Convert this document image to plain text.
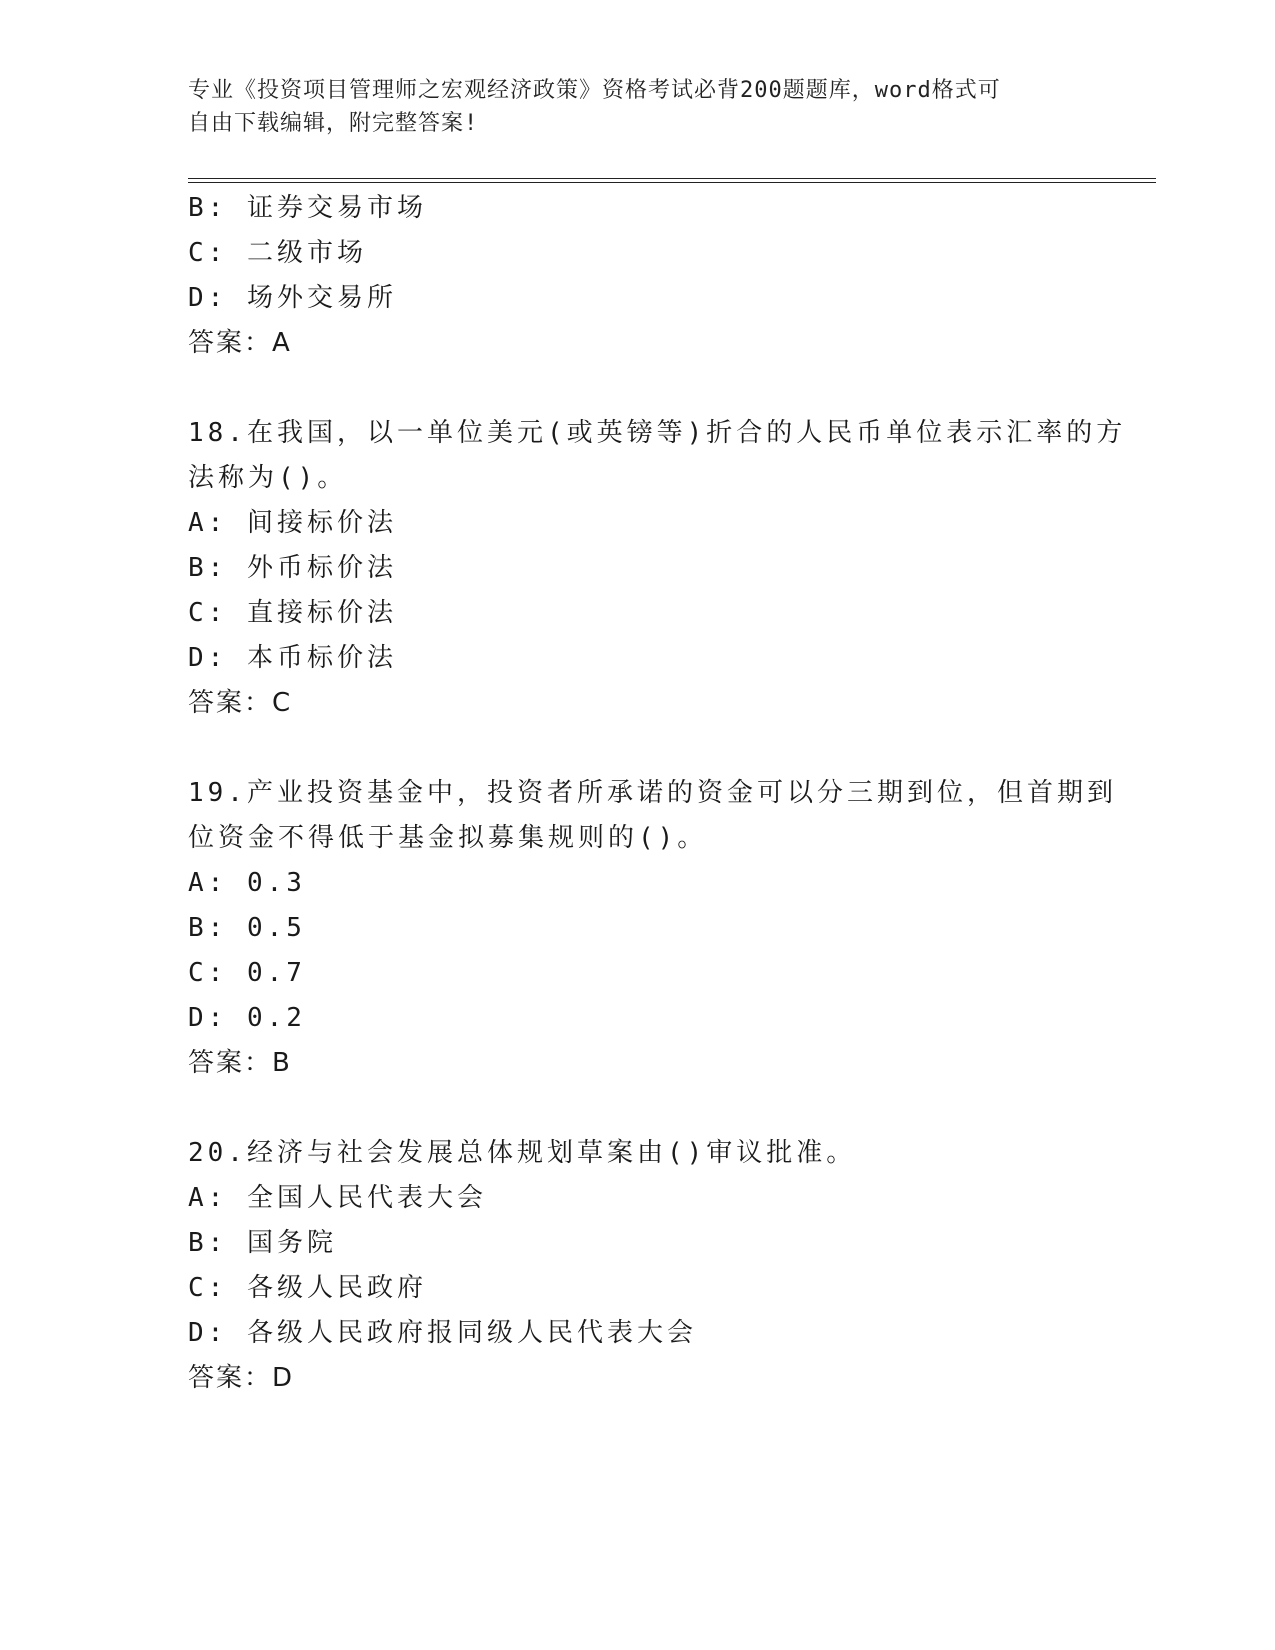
专业《投资项目管理师之宏观经济政策》资格考试必背200题题库，word格式可
自由下载编辑，附完整答案!
B: 证券交易市场
C: 二级市场
D: 场外交易所
答案：A
18.在我国，以一单位美元(或英镑等)折合的人民币单位表示汇率的方
法称为()。
A: 间接标价法
B: 外币标价法
C: 直接标价法
D: 本币标价法
答案：C
19.产业投资基金中，投资者所承诺的资金可以分三期到位，但首期到
位资金不得低于基金拟募集规则的()。
A: 0.3
B: 0.5
C: 0.7
D: 0.2
答案：B
20.经济与社会发展总体规划草案由()审议批准。
A: 全国人民代表大会
B: 国务院
C: 各级人民政府
D: 各级人民政府报同级人民代表大会
答案：D
